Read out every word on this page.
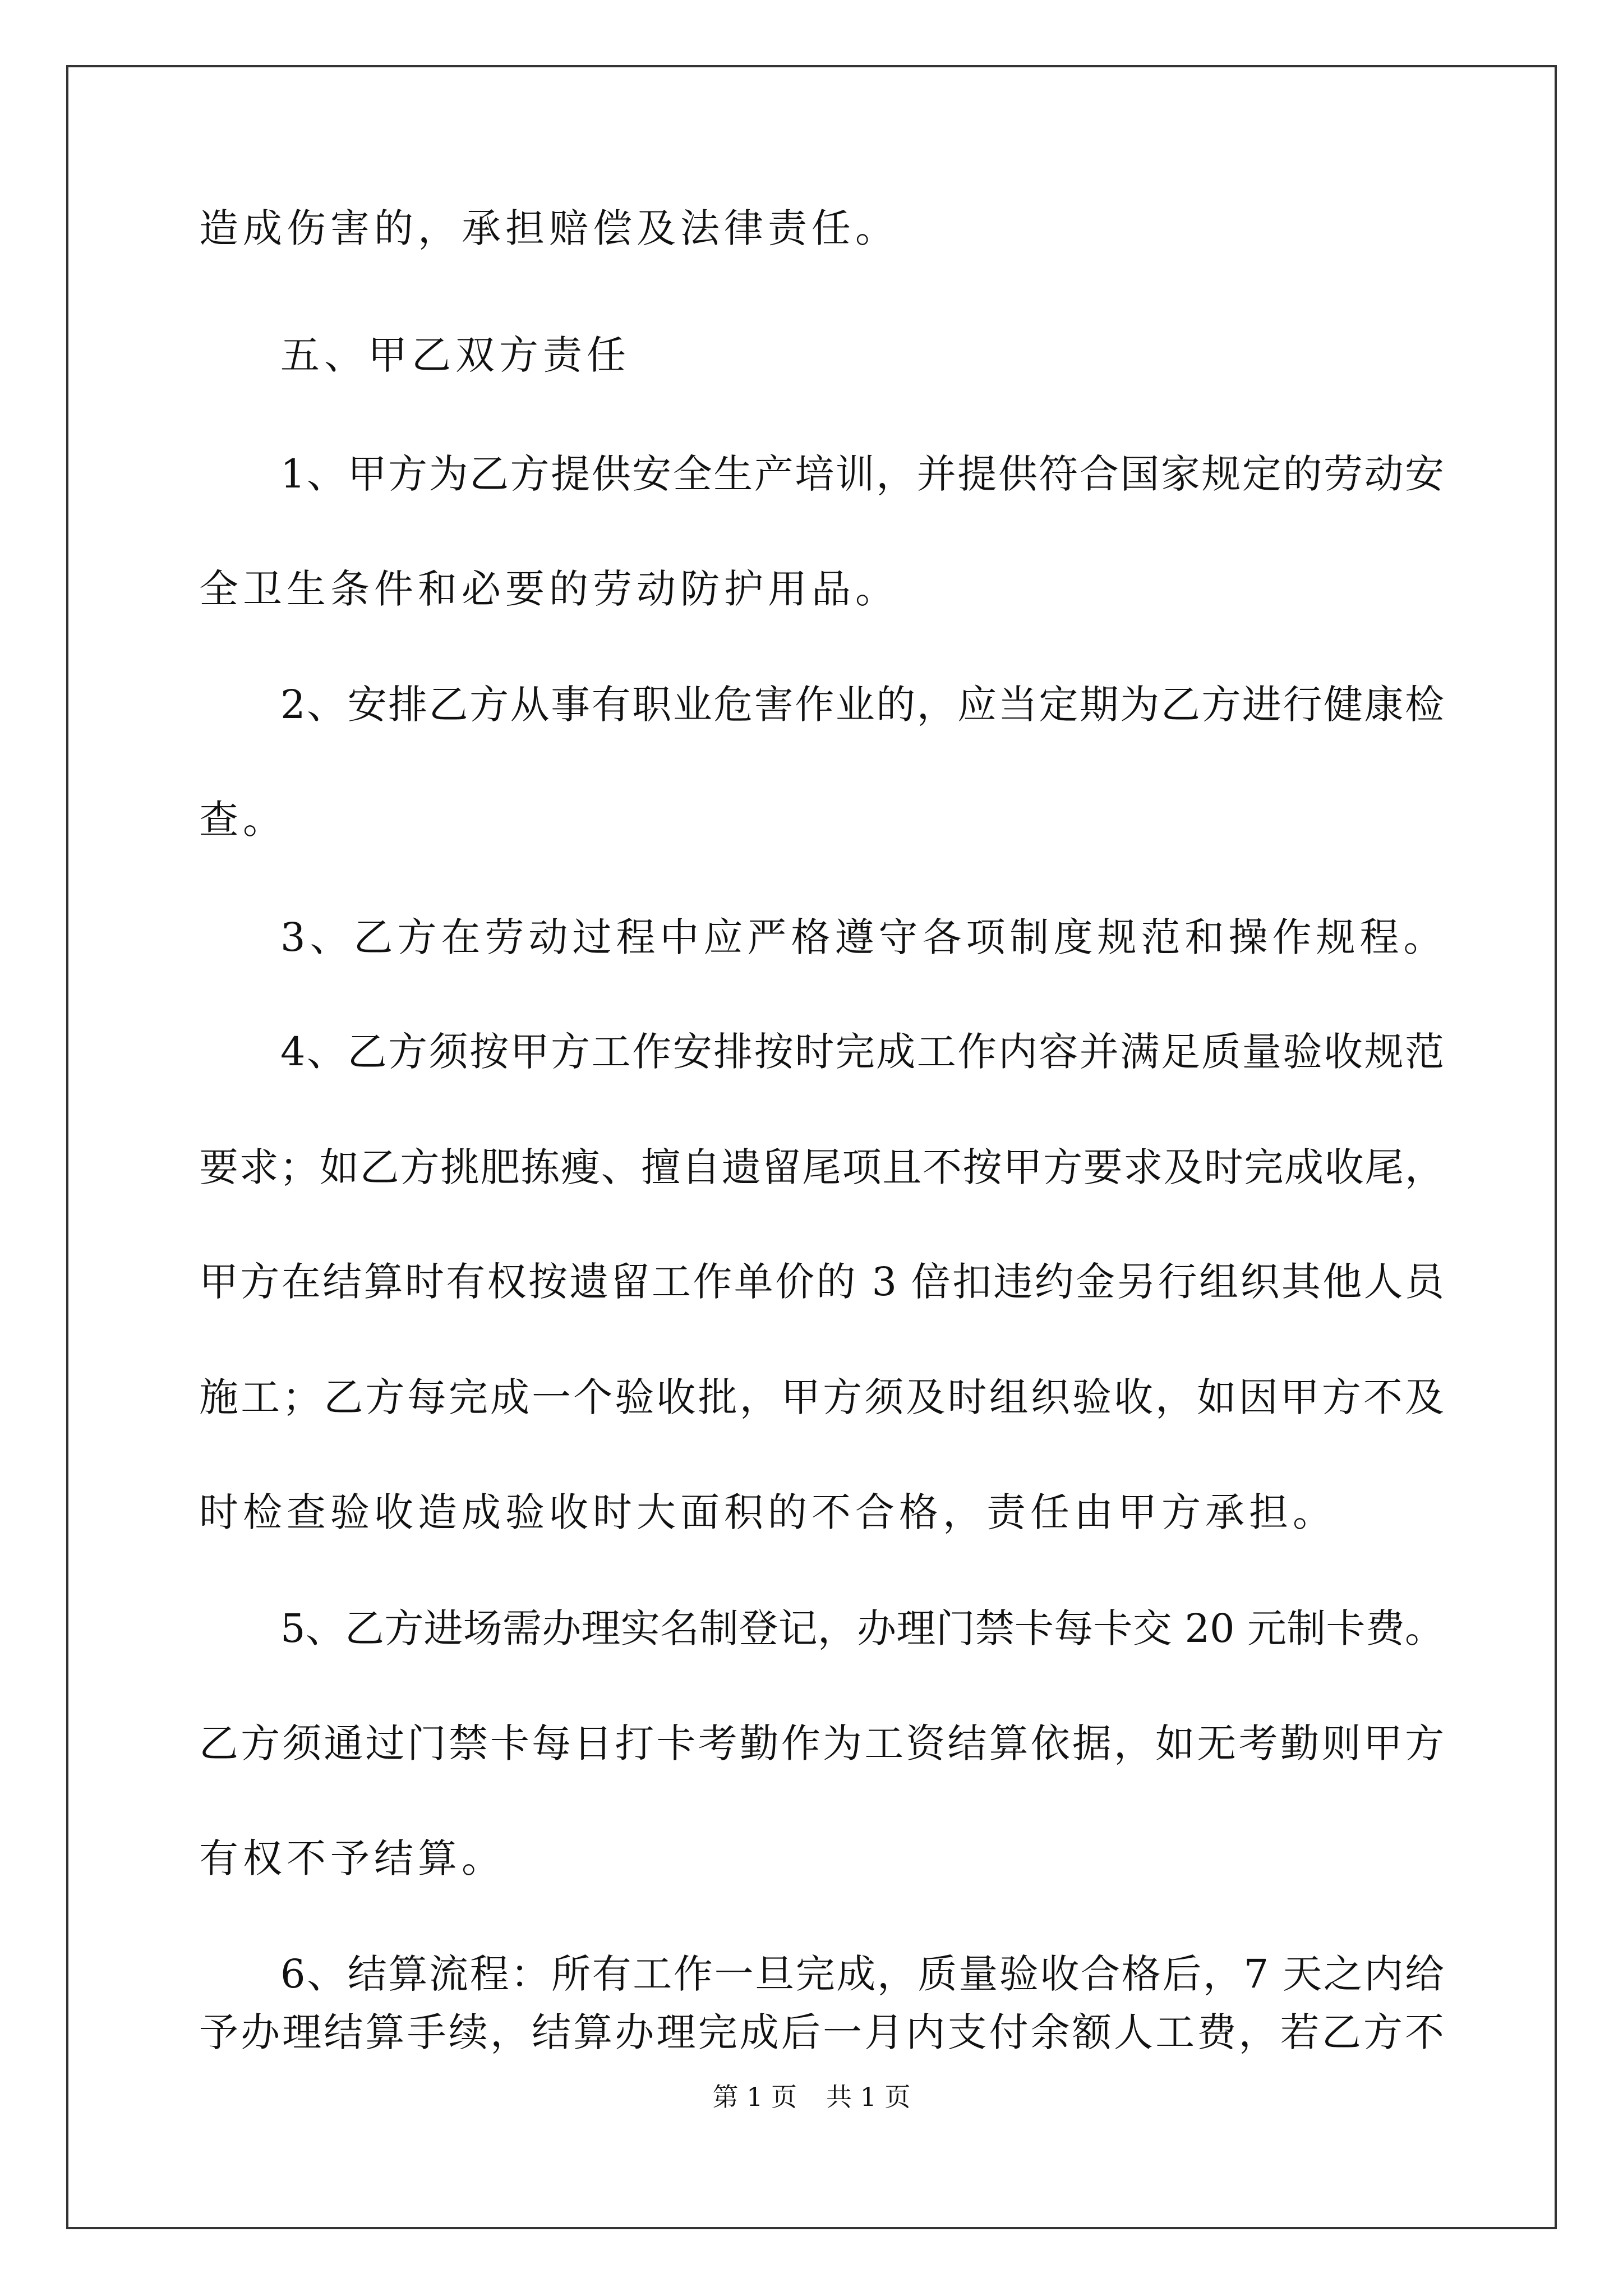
造成伤害的，承担赔偿及法律责任。
五、甲乙双方责任
1、甲方为乙方提供安全生产培训，并提供符合国家规定的劳动安
全卫生条件和必要的劳动防护用品。
2、安排乙方从事有职业危害作业的，应当定期为乙方进行健康检
查。
3、乙方在劳动过程中应严格遵守各项制度规范和操作规程。
4、乙方须按甲方工作安排按时完成工作内容并满足质量验收规范
要求；如乙方挑肥拣瘦、擅自遗留尾项且不按甲方要求及时完成收尾，
甲方在结算时有权按遗留工作单价的 3 倍扣违约金另行组织其他人员
施工；乙方每完成一个验收批，甲方须及时组织验收，如因甲方不及
时检查验收造成验收时大面积的不合格，责任由甲方承担。
5、乙方进场需办理实名制登记，办理门禁卡每卡交 20 元制卡费。
乙方须通过门禁卡每日打卡考勤作为工资结算依据，如无考勤则甲方
有权不予结算。
6、结算流程：所有工作一旦完成，质量验收合格后，7 天之内给
予办理结算手续，结算办理完成后一月内支付余额人工费，若乙方不
第 1 页 共 1 页
